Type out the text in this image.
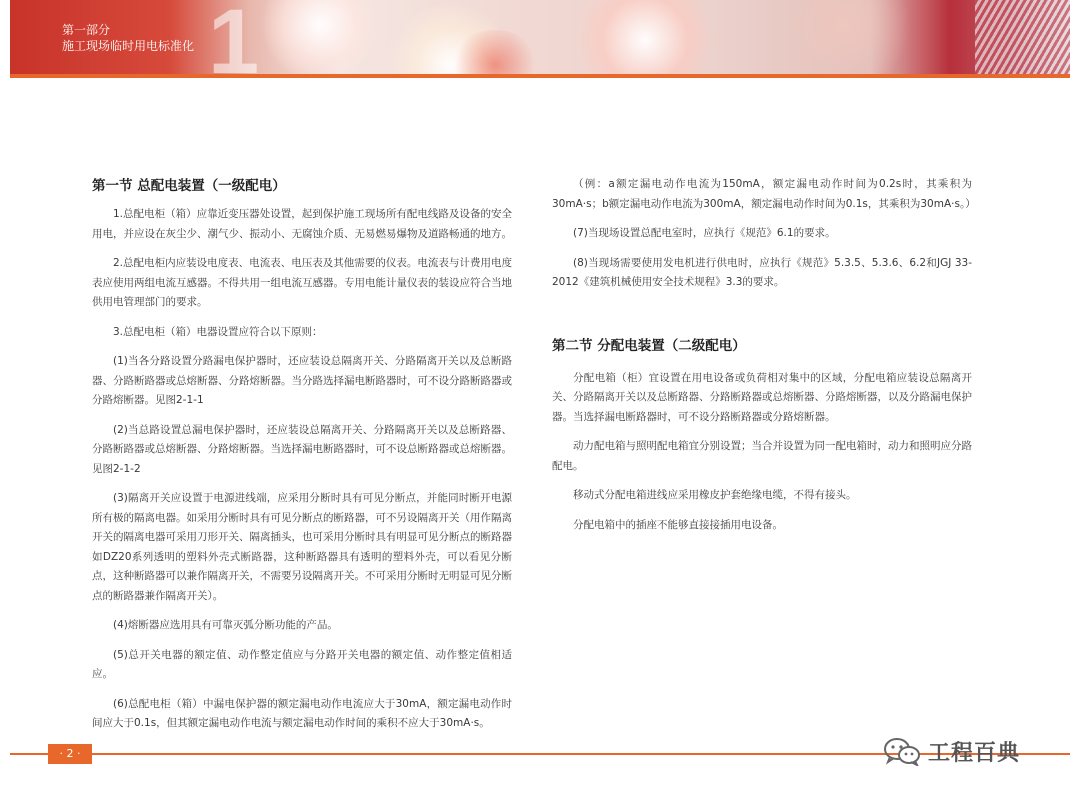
1
第一部分
施工现场临时用电标准化
第一节 总配电装置（一级配电）

1.总配电柜（箱）应靠近变压器处设置，起到保护施工现场所有配电线路及设备的安全用电，并应设在灰尘少、潮气少、振动小、无腐蚀介质、无易燃易爆物及道路畅通的地方。

2.总配电柜内应装设电度表、电流表、电压表及其他需要的仪表。电流表与计费用电度表应使用两组电流互感器。不得共用一组电流互感器。专用电能计量仪表的装设应符合当地供用电管理部门的要求。

3.总配电柜（箱）电器设置应符合以下原则：

(1)当各分路设置分路漏电保护器时，还应装设总隔离开关、分路隔离开关以及总断路器、分路断路器或总熔断器、分路熔断器。当分路选择漏电断路器时，可不设分路断路器或分路熔断器。见图2-1-1

(2)当总路设置总漏电保护器时，还应装设总隔离开关、分路隔离开关以及总断路器、分路断路器或总熔断器、分路熔断器。当选择漏电断路器时，可不设总断路器或总熔断器。见图2-1-2

(3)隔离开关应设置于电源进线端，应采用分断时具有可见分断点，并能同时断开电源所有极的隔离电器。如采用分断时具有可见分断点的断路器，可不另设隔离开关（用作隔离开关的隔离电器可采用刀形开关、隔离插头，也可采用分断时具有明显可见分断点的断路器如DZ20系列透明的塑料外壳式断路器，这种断路器具有透明的塑料外壳，可以看见分断点，这种断路器可以兼作隔离开关，不需要另设隔离开关。不可采用分断时无明显可见分断点的断路器兼作隔离开关）。

(4)熔断器应选用具有可靠灭弧分断功能的产品。

(5)总开关电器的额定值、动作整定值应与分路开关电器的额定值、动作整定值相适应。

(6)总配电柜（箱）中漏电保护器的额定漏电动作电流应大于30mA，额定漏电动作时间应大于0.1s，但其额定漏电动作电流与额定漏电动作时间的乘积不应大于30mA·s。

（例：a额定漏电动作电流为150mA，额定漏电动作时间为0.2s时，其乘积为30mA·s；b额定漏电动作电流为300mA，额定漏电动作时间为0.1s，其乘积为30mA·s。）

(7)当现场设置总配电室时，应执行《规范》6.1的要求。

(8)当现场需要使用发电机进行供电时，应执行《规范》5.3.5、5.3.6、6.2和JGJ 33-2012《建筑机械使用安全技术规程》3.3的要求。

第二节 分配电装置（二级配电）

分配电箱（柜）宜设置在用电设备或负荷相对集中的区域，分配电箱应装设总隔离开关、分路隔离开关以及总断路器、分路断路器或总熔断器、分路熔断器，以及分路漏电保护器。当选择漏电断路器时，可不设分路断路器或分路熔断器。

动力配电箱与照明配电箱宜分别设置；当合并设置为同一配电箱时，动力和照明应分路配电。

移动式分配电箱进线应采用橡皮护套绝缘电缆，不得有接头。

分配电箱中的插座不能够直接接插用电设备。

· 2 ·	工程百典
